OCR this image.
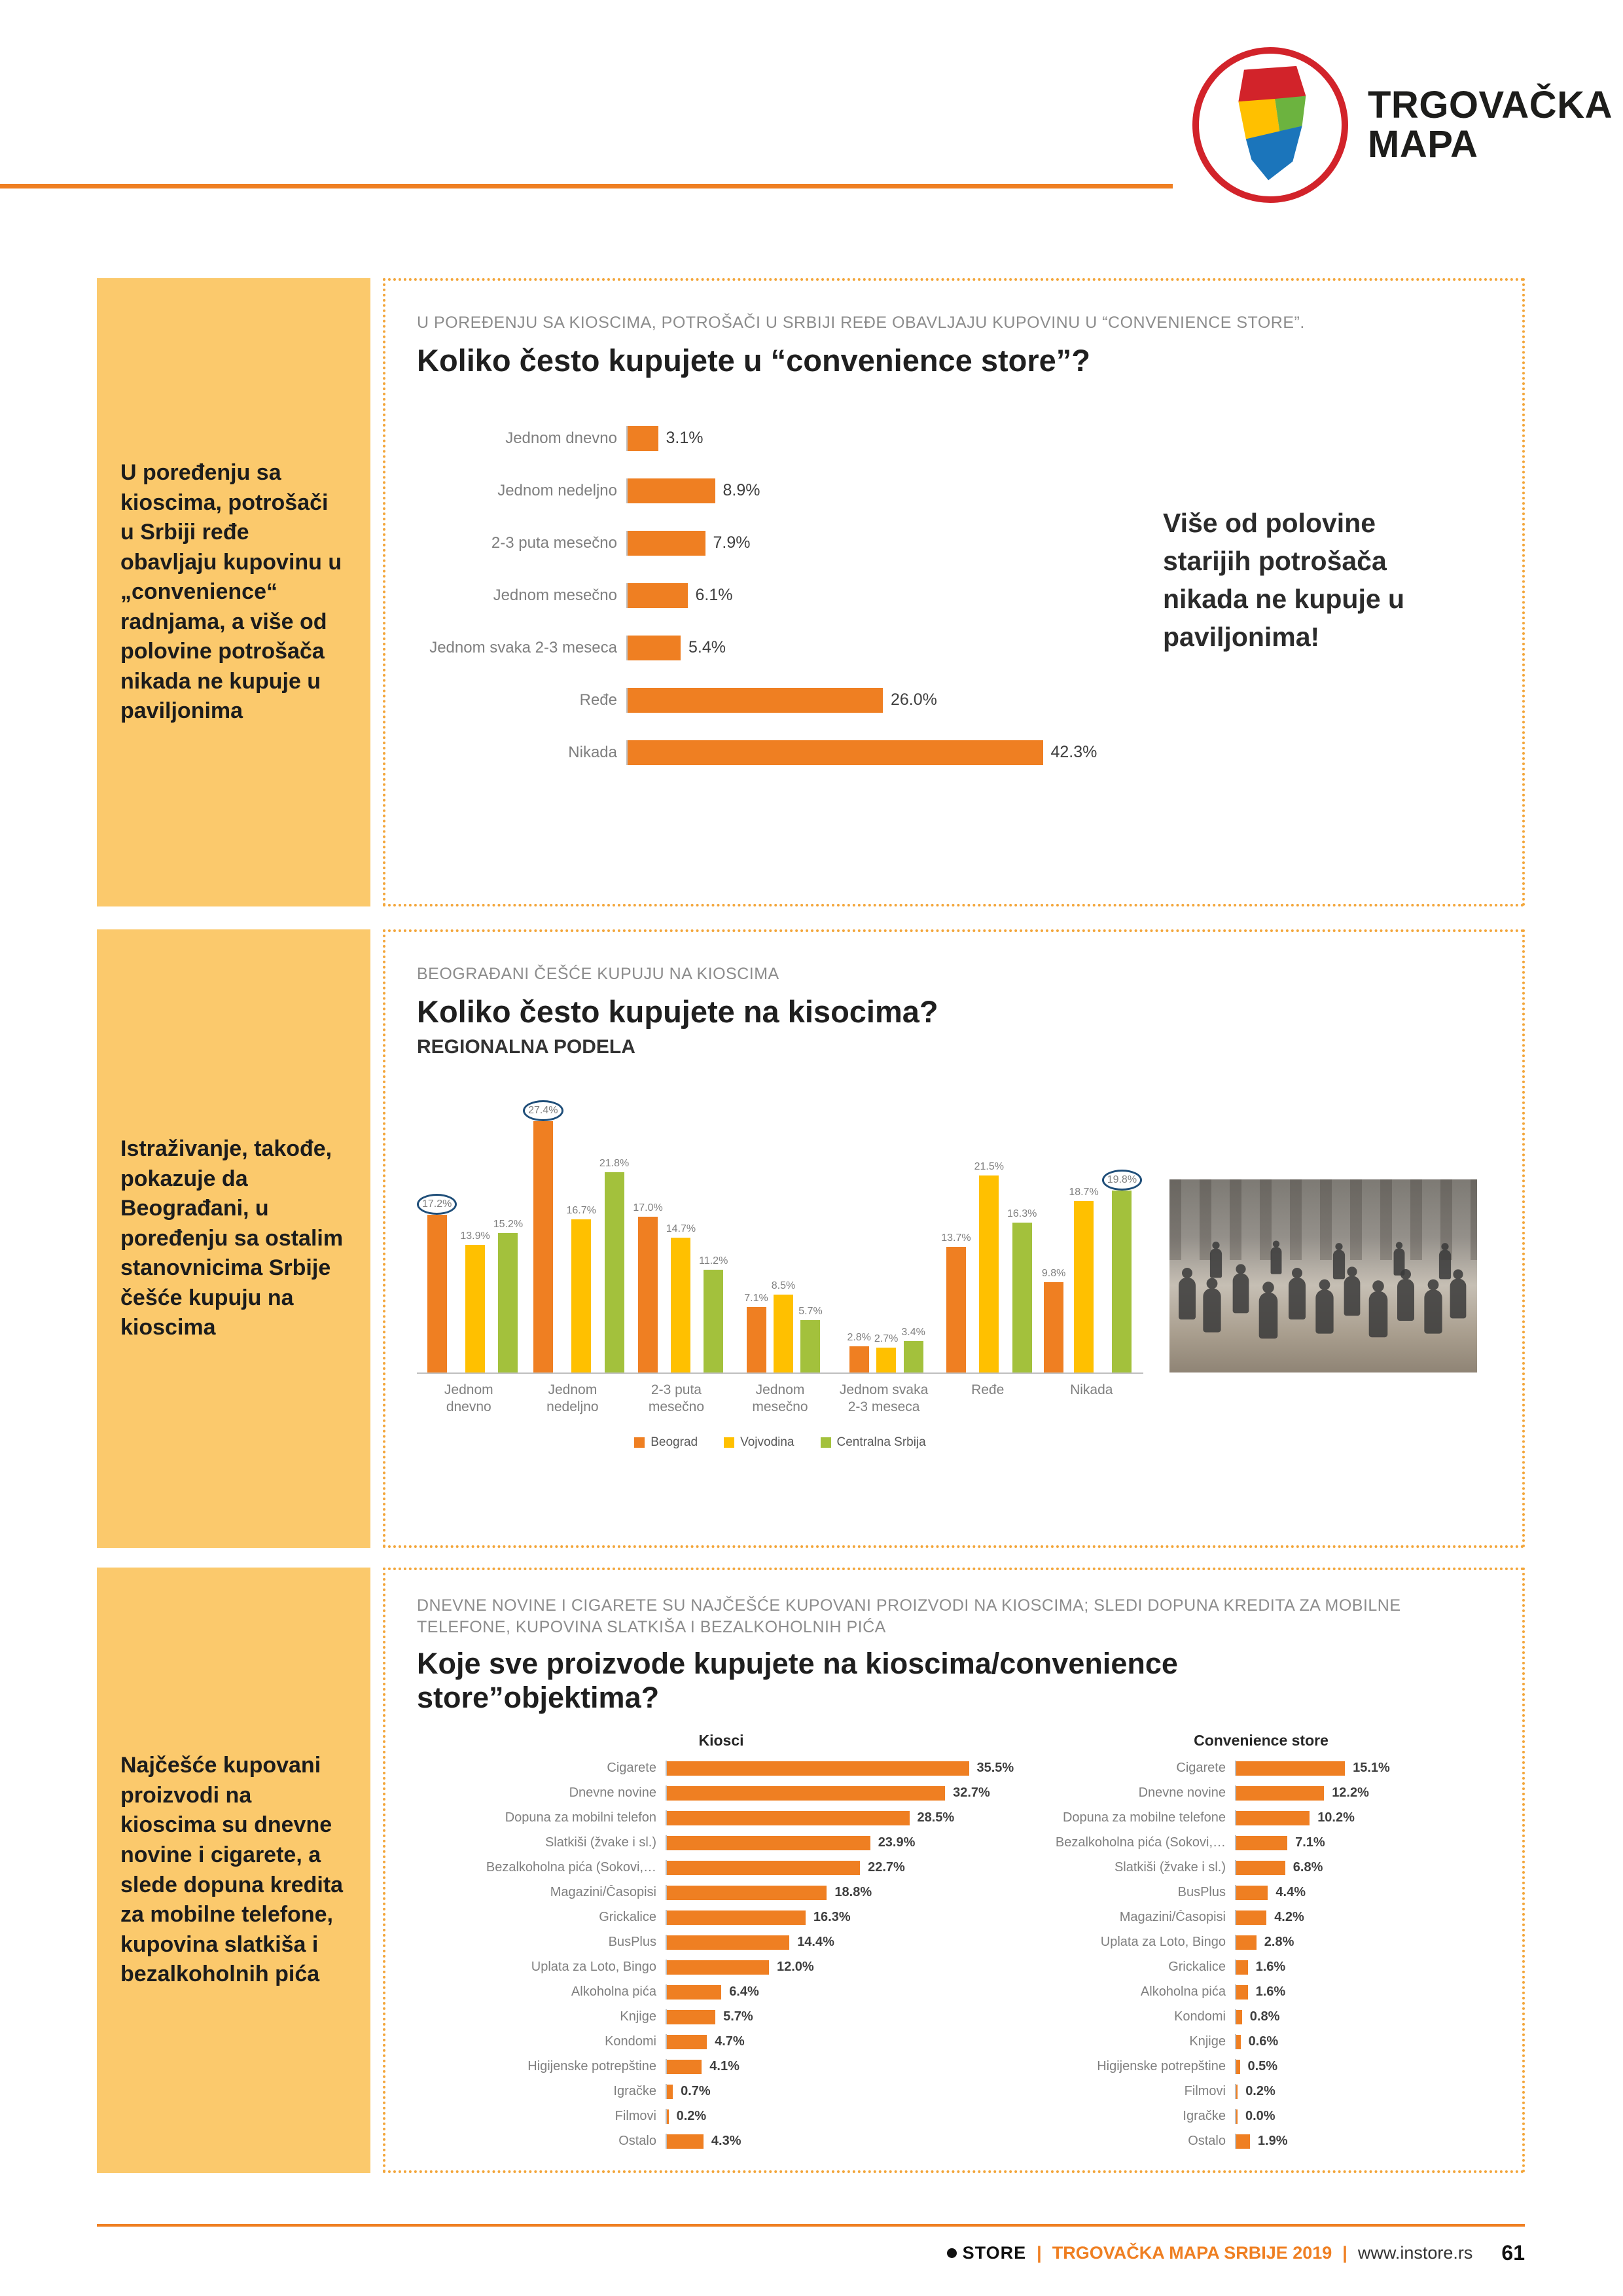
TRGOVAČKA
MAPA

U poređenju sa kioscima, potrošači u Srbiji ređe obavljaju kupovinu u „convenience“ radnjama, a više od polovine potrošača nikada ne kupuje u paviljonima

U POREĐENJU SA KIOSCIMA, POTROŠAČI U SRBIJI REĐE OBAVLJAJU KUPOVINU U “CONVENIENCE STORE”.
Koliko često kupujete u “convenience store”?
Jednom dnevno	3.1%
Jednom nedeljno	8.9%
2-3 puta mesečno	7.9%
Jednom mesečno	6.1%
Jednom svaka 2-3 meseca	5.4%
Ređe	26.0%
Nikada	42.3%
Više od polovine starijih potrošača nikada ne kupuje u paviljonima!

Istraživanje, takođe, pokazuje da Beograđani, u poređenju sa ostalim stanovnicima Srbije češće kupuju na kioscima

BEOGRAĐANI ČEŠĆE KUPUJU NA KIOSCIMA
Koliko često kupujete na kisocima?
REGIONALNA PODELA
17.2%
13.9%
15.2%
27.4%
16.7%
21.8%
17.0%
14.7%
11.2%
7.1%
8.5%
5.7%
2.8% 2.7%
3.4%
13.7%
21.5%
16.3%
9.8%
18.7%
19.8%
Jednom dnevno
Jednom nedeljno
2-3 puta mesečno
Jednom mesečno
Jednom svaka 2-3 meseca
Ređe	Nikada
Beograd	Vojvodina	Centralna Srbija

Najčešće kupovani proizvodi na kioscima su dnevne novine i cigarete, a slede dopuna kredita za mobilne telefone, kupovina slatkiša i bezalkoholnih pića

DNEVNE NOVINE I CIGARETE SU NAJČEŠĆE KUPOVANI PROIZVODI NA KIOSCIMA; SLEDI DOPUNA KREDITA ZA MOBILNE TELEFONE, KUPOVINA SLATKIŠA I BEZALKOHOLNIH PIĆA
Koje sve proizvode kupujete na kioscima/convenience store”objektima?
Kiosci
Cigarete	35.5%
Dnevne novine	32.7%
Dopuna za mobilni telefon	28.5%
Slatkiši (žvake i sl.)	23.9%
Bezalkoholna pića (Sokovi,…	22.7%
Magazini/Časopisi	18.8%
Grickalice	16.3%
BusPlus	14.4%
Uplata za Loto, Bingo	12.0%
Alkoholna pića	6.4%
Knjige	5.7%
Kondomi	4.7%
Higijenske potrepštine	4.1%
Igračke	0.7%
Filmovi	0.2%
Ostalo	4.3%
Convenience store
Cigarete	15.1%
Dnevne novine	12.2%
Dopuna za mobilne telefone	10.2%
Bezalkoholna pića (Sokovi,…	7.1%
Slatkiši (žvake i sl.)	6.8%
BusPlus	4.4%
Magazini/Časopisi	4.2%
Uplata za Loto, Bingo	2.8%
Grickalice	1.6%
Alkoholna pića	1.6%
Kondomi	0.8%
Knjige	0.6%
Higijenske potrepštine	0.5%
Filmovi	0.2%
Igračke	0.0%
Ostalo	1.9%
STORE | TRGOVAČKA MAPA SRBIJE 2019 | www.instore.rs 61
